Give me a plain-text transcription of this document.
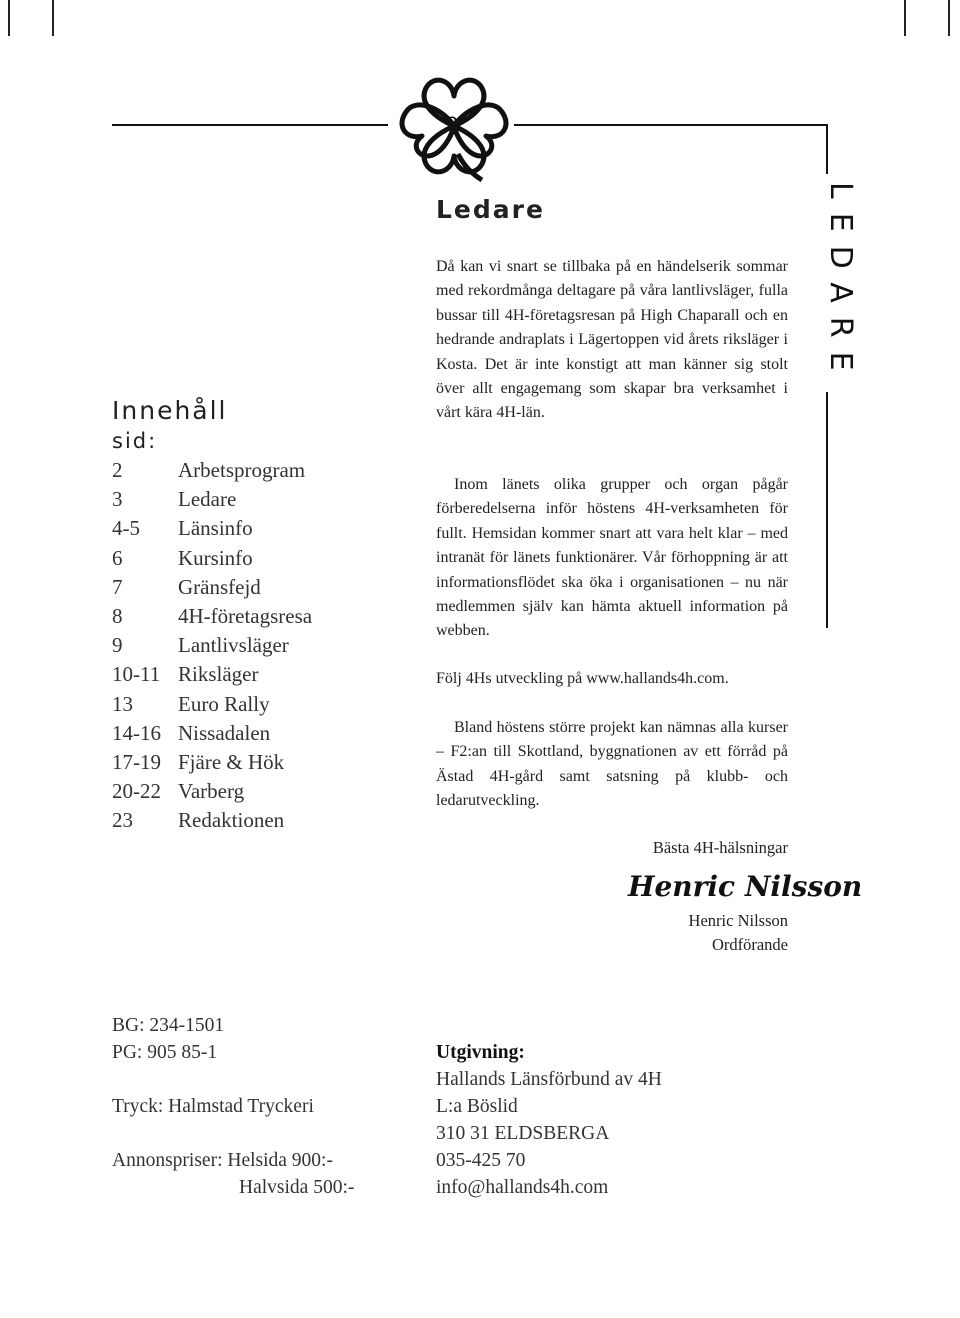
3
LEDARE
Innehåll
sid:
2	Arbetsprogram
3	Ledare
4-5 Länsinfo
6	Kursinfo
7	Gränsfejd
8	4H-företagsresa
9	Lantlivsläger
10-11 Riksläger
13 Euro Rally
14-16 Nissadalen
17-19 Fjäre & Hök
20-22 Varberg
23 Redaktionen
Ledare

Då kan vi snart se tillbaka på en händelserik sommar med rekordmånga deltagare på våra lantlivsläger, fulla bussar till 4H-företagsresan på High Chaparall och en hedrande andraplats i Lägertoppen vid årets riksläger i Kosta. Det är inte konstigt att man känner sig stolt över allt engagemang som skapar bra verksamhet i vårt kära 4H-län.

Inom länets olika grupper och organ pågår förberedelserna inför höstens 4H-verksamheten för fullt. Hemsidan kommer snart att vara helt klar – med intranät för länets funktionärer. Vår förhoppning är att informationsflödet ska öka i organisationen – nu när medlemmen själv kan hämta aktuell information på webben.

Följ 4Hs utveckling på www.hallands4h.com.

Bland höstens större projekt kan nämnas alla kurser – F2:an till Skottland, byggnationen av ett förråd på Ästad 4H-gård samt satsning på klubb- och ledarutveckling.

Bästa 4H-hälsningar
Henric Nilsson
Henric Nilsson
Ordförande
BG: 234-1501
PG: 905 85-1
Tryck: Halmstad Tryckeri
Annonspriser: Helsida 900:-
Halvsida 500:-
Utgivning:
Hallands Länsförbund av 4H
L:a Böslid
310 31 ELDSBERGA
035-425 70
info@hallands4h.com
